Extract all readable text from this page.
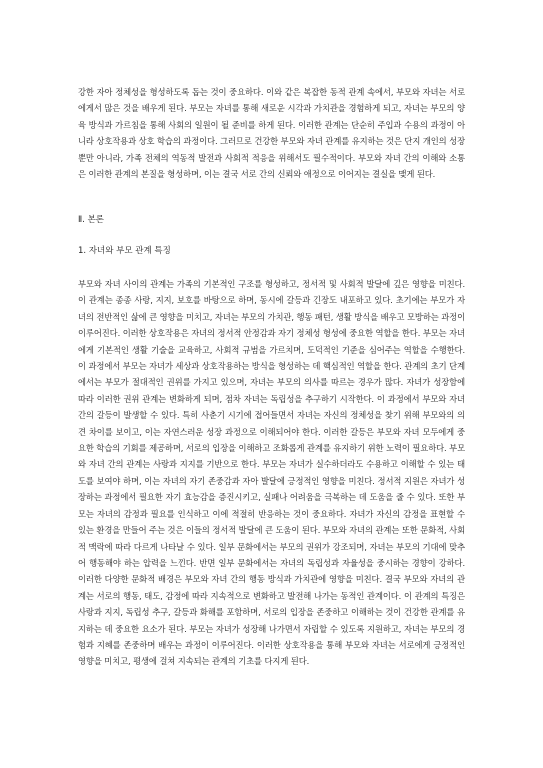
강한 자아 정체성을 형성하도록 돕는 것이 중요하다. 이와 같은 복잡한 동적 관계 속에서, 부모와 자녀는 서로에게서 많은 것을 배우게 된다. 부모는 자녀를 통해 새로운 시각과 가치관을 경험하게 되고, 자녀는 부모의 양육 방식과 가르침을 통해 사회의 일원이 될 준비를 하게 된다. 이러한 관계는 단순히 주입과 수용의 과정이 아니라 상호작용과 상호 학습의 과정이다. 그러므로 건강한 부모와 자녀 관계를 유지하는 것은 단지 개인의 성장뿐만 아니라, 가족 전체의 역동적 발전과 사회적 적응을 위해서도 필수적이다. 부모와 자녀 간의 이해와 소통은 이러한 관계의 본질을 형성하며, 이는 결국 서로 간의 신뢰와 애정으로 이어지는 결실을 맺게 된다.

Ⅱ. 본론
1. 자녀와 부모 관계 특징

부모와 자녀 사이의 관계는 가족의 기본적인 구조를 형성하고, 정서적 및 사회적 발달에 깊은 영향을 미친다. 이 관계는 종종 사랑, 지지, 보호를 바탕으로 하며, 동시에 갈등과 긴장도 내포하고 있다. 초기에는 부모가 자녀의 전반적인 삶에 큰 영향을 미치고, 자녀는 부모의 가치관, 행동 패턴, 생활 방식을 배우고 모방하는 과정이 이루어진다. 이러한 상호작용은 자녀의 정서적 안정감과 자기 정체성 형성에 중요한 역할을 한다. 부모는 자녀에게 기본적인 생활 기술을 교육하고, 사회적 규범을 가르치며, 도덕적인 기준을 심어주는 역할을 수행한다. 이 과정에서 부모는 자녀가 세상과 상호작용하는 방식을 형성하는 데 핵심적인 역할을 한다. 관계의 초기 단계에서는 부모가 절대적인 권위를 가지고 있으며, 자녀는 부모의 의사를 따르는 경우가 많다. 자녀가 성장함에 따라 이러한 권위 관계는 변화하게 되며, 점차 자녀는 독립성을 추구하기 시작한다. 이 과정에서 부모와 자녀 간의 갈등이 발생할 수 있다. 특히 사춘기 시기에 접어들면서 자녀는 자신의 정체성을 찾기 위해 부모와의 의견 차이를 보이고, 이는 자연스러운 성장 과정으로 이해되어야 한다. 이러한 갈등은 부모와 자녀 모두에게 중요한 학습의 기회를 제공하며, 서로의 입장을 이해하고 조화롭게 관계를 유지하기 위한 노력이 필요하다. 부모와 자녀 간의 관계는 사랑과 지지를 기반으로 한다. 부모는 자녀가 실수하더라도 수용하고 이해할 수 있는 태도를 보여야 하며, 이는 자녀의 자기 존중감과 자아 발달에 긍정적인 영향을 미친다. 정서적 지원은 자녀가 성장하는 과정에서 필요한 자기 효능감을 증진시키고, 실패나 어려움을 극복하는 데 도움을 줄 수 있다. 또한 부모는 자녀의 감정과 필요를 인식하고 이에 적절히 반응하는 것이 중요하다. 자녀가 자신의 감정을 표현할 수 있는 환경을 만들어 주는 것은 이들의 정서적 발달에 큰 도움이 된다. 부모와 자녀의 관계는 또한 문화적, 사회적 맥락에 따라 다르게 나타날 수 있다. 일부 문화에서는 부모의 권위가 강조되며, 자녀는 부모의 기대에 맞추어 행동해야 하는 압력을 느낀다. 반면 일부 문화에서는 자녀의 독립성과 자율성을 중시하는 경향이 강하다. 이러한 다양한 문화적 배경은 부모와 자녀 간의 행동 방식과 가치관에 영향을 미친다. 결국 부모와 자녀의 관계는 서로의 행동, 태도, 감정에 따라 지속적으로 변화하고 발전해 나가는 동적인 관계이다. 이 관계의 특징은 사랑과 지지, 독립성 추구, 갈등과 화해를 포함하며, 서로의 입장을 존중하고 이해하는 것이 건강한 관계를 유지하는 데 중요한 요소가 된다. 부모는 자녀가 성장해 나가면서 자립할 수 있도록 지원하고, 자녀는 부모의 경험과 지혜를 존중하며 배우는 과정이 이루어진다. 이러한 상호작용을 통해 부모와 자녀는 서로에게 긍정적인 영향을 미치고, 평생에 걸쳐 지속되는 관계의 기초를 다지게 된다.
